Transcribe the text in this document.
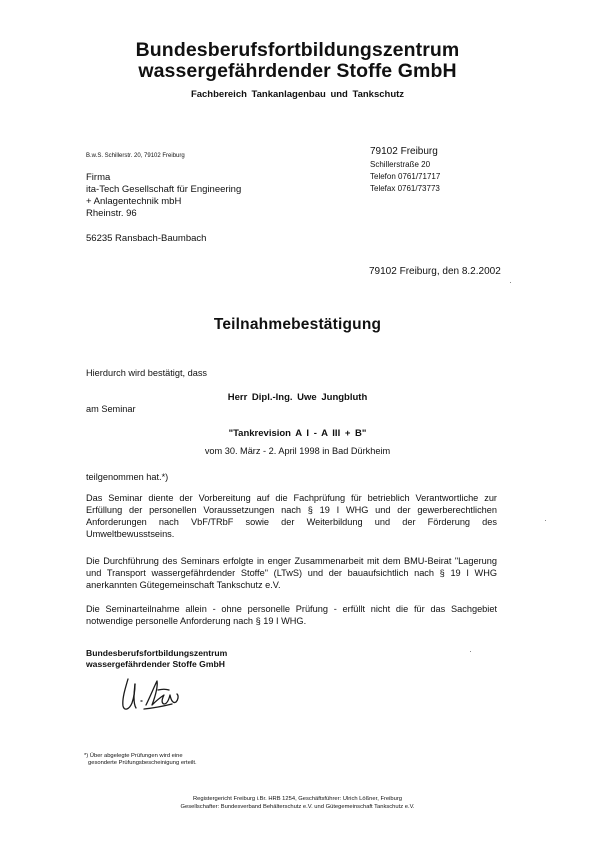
Bundesberufsfortbildungszentrum
wassergefährdender Stoffe GmbH
Fachbereich Tankanlagenbau und Tankschutz
B.w.S. Schillerstr. 20, 79102 Freiburg
Firma
ita-Tech Gesellschaft für Engineering
+ Anlagentechnik mbH
Rheinstr. 96
56235 Ransbach-Baumbach
79102 Freiburg
Schillerstraße 20
Telefon 0761/71717
Telefax 0761/73773
79102 Freiburg, den 8.2.2002
Teilnahmebestätigung
Hierdurch wird bestätigt, dass
Herr Dipl.-Ing. Uwe Jungbluth
am Seminar
"Tankrevision A I - A III + B"
vom 30. März - 2. April 1998 in Bad Dürkheim
teilgenommen hat.*)

Das Seminar diente der Vorbereitung auf die Fachprüfung für betrieblich Verantwortliche zur Erfüllung der personellen Voraussetzungen nach § 19 I WHG und der gewerberechtlichen Anforderungen nach VbF/TRbF sowie der Weiterbildung und der Förderung des Umweltbewusstseins.

Die Durchführung des Seminars erfolgte in enger Zusammenarbeit mit dem BMU-Beirat "Lagerung und Transport wassergefährdender Stoffe" (LTwS) und der bauaufsichtlich nach § 19 I WHG anerkannten Gütegemeinschaft Tankschutz e.V.

Die Seminarteilnahme allein - ohne personelle Prüfung - erfüllt nicht die für das Sachgebiet notwendige personelle Anforderung nach § 19 I WHG.

Bundesberufsfortbildungszentrum
wassergefährdender Stoffe GmbH
*) Über abgelegte Prüfungen wird eine
gesonderte Prüfungsbescheinigung erteilt.
Registergericht Freiburg i.Br. HRB 1254, Geschäftsführer: Ulrich Lößner, Freiburg
Gesellschafter: Bundesverband Behälterschutz e.V. und Gütegemeinschaft Tankschutz e.V.
